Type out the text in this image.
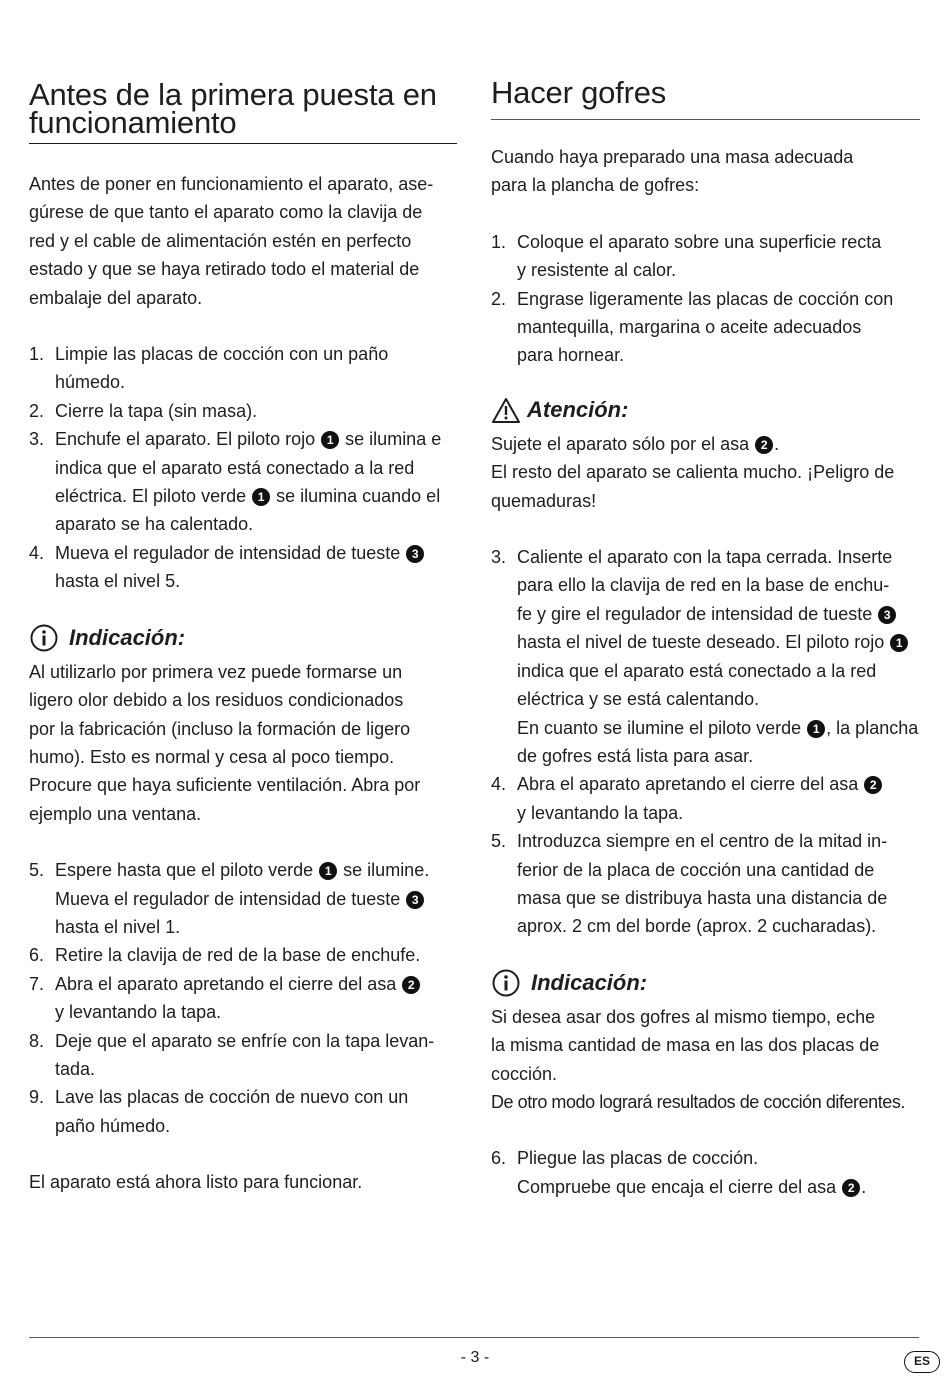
Antes de la primera puesta en
funcionamiento

Antes de poner en funcionamiento el aparato, ase-

gúrese de que tanto el aparato como la clavija de

red y el cable de alimentación estén en perfecto

estado y que se haya retirado todo el material de

embalaje del aparato.

1. Limpie las placas de cocción con un paño húmedo.
2. Cierre la tapa (sin masa).
3. Enchufe el aparato. El piloto rojo 1 se ilumina e
indica que el aparato está conectado a la red
eléctrica. El piloto verde 1 se ilumina cuando el
aparato se ha calentado.
4. Mueva el regulador de intensidad de tueste 3
hasta el nivel 5.
Indicación:

Al utilizarlo por primera vez puede formarse un

ligero olor debido a los residuos condicionados

por la fabricación (incluso la formación de ligero

humo). Esto es normal y cesa al poco tiempo.

Procure que haya suficiente ventilación. Abra por

ejemplo una ventana.

5. Espere hasta que el piloto verde 1 se ilumine.
Mueva el regulador de intensidad de tueste 3
hasta el nivel 1.
6. Retire la clavija de red de la base de enchufe.
7. Abra el aparato apretando el cierre del asa 2
y levantando la tapa.
8. Deje que el aparato se enfríe con la tapa levan-
tada.
9. Lave las placas de cocción de nuevo con un
paño húmedo.

El aparato está ahora listo para funcionar.

Hacer gofres

Cuando haya preparado una masa adecuada

para la plancha de gofres:

1. Coloque el aparato sobre una superficie recta
y resistente al calor.
2. Engrase ligeramente las placas de cocción con
mantequilla, margarina o aceite adecuados
para hornear.
Atención:

Sujete el aparato sólo por el asa 2 .

El resto del aparato se calienta mucho. ¡Peligro de

quemaduras!

3. Caliente el aparato con la tapa cerrada. Inserte
para ello la clavija de red en la base de enchu-
fe y gire el regulador de intensidad de tueste 3
hasta el nivel de tueste deseado. El piloto rojo 1
indica que el aparato está conectado a la red
eléctrica y se está calentando.
En cuanto se ilumine el piloto verde 1 , la plancha
de gofres está lista para asar.
4. Abra el aparato apretando el cierre del asa 2
y levantando la tapa.
5. Introduzca siempre en el centro de la mitad in-
ferior de la placa de cocción una cantidad de
masa que se distribuya hasta una distancia de
aprox. 2 cm del borde (aprox. 2 cucharadas).
Indicación:

Si desea asar dos gofres al mismo tiempo, eche

la misma cantidad de masa en las dos placas de

cocción.

De otro modo logrará resultados de cocción diferentes.

6. Pliegue las placas de cocción.
Compruebe que encaja el cierre del asa 2 .
- 3 -	ES
